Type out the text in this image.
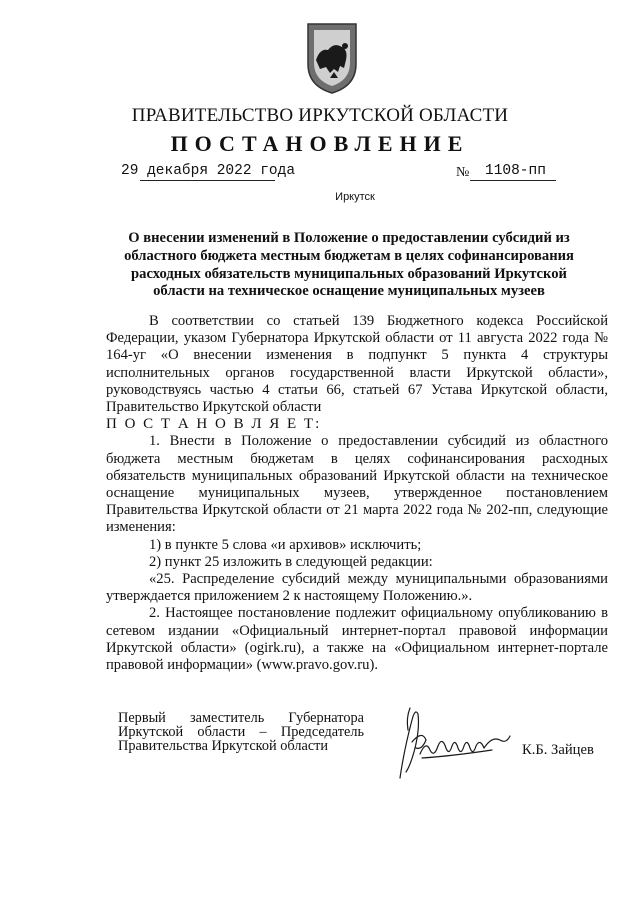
ПРАВИТЕЛЬСТВО ИРКУТСКОЙ ОБЛАСТИ
ПОСТАНОВЛЕНИЕ
29 декабря 2022 года	№ 1108-пп
Иркутск
О внесении изменений в Положение о предоставлении субсидий из областного бюджета местным бюджетам в целях софинансирования расходных обязательств муниципальных образований Иркутской области на техническое оснащение муниципальных музеев

В соответствии со статьей 139 Бюджетного кодекса Российской Федерации, указом Губернатора Иркутской области от 11 августа 2022 года № 164-уг «О внесении изменения в подпункт 5 пункта 4 структуры исполнительных органов государственной власти Иркутской области», руководствуясь частью 4 статьи 66, статьей 67 Устава Иркутской области, Правительство Иркутской области

П О С Т А Н О В Л Я Е Т:

1. Внести в Положение о предоставлении субсидий из областного бюджета местным бюджетам в целях софинансирования расходных обязательств муниципальных образований Иркутской области на техническое оснащение муниципальных музеев, утвержденное постановлением Правительства Иркутской области от 21 марта 2022 года № 202-пп, следующие изменения:

1) в пункте 5 слова «и архивов» исключить;

2) пункт 25 изложить в следующей редакции:

«25. Распределение субсидий между муниципальными образованиями утверждается приложением 2 к настоящему Положению.».

2. Настоящее постановление подлежит официальному опубликованию в сетевом издании «Официальный интернет-портал правовой информации Иркутской области» (ogirk.ru), а также на «Официальном интернет-портале правовой информации» (www.pravo.gov.ru).

Первый заместитель Губернатора
Иркутской области – Председатель
Правительства Иркутской области	К.Б. Зайцев
